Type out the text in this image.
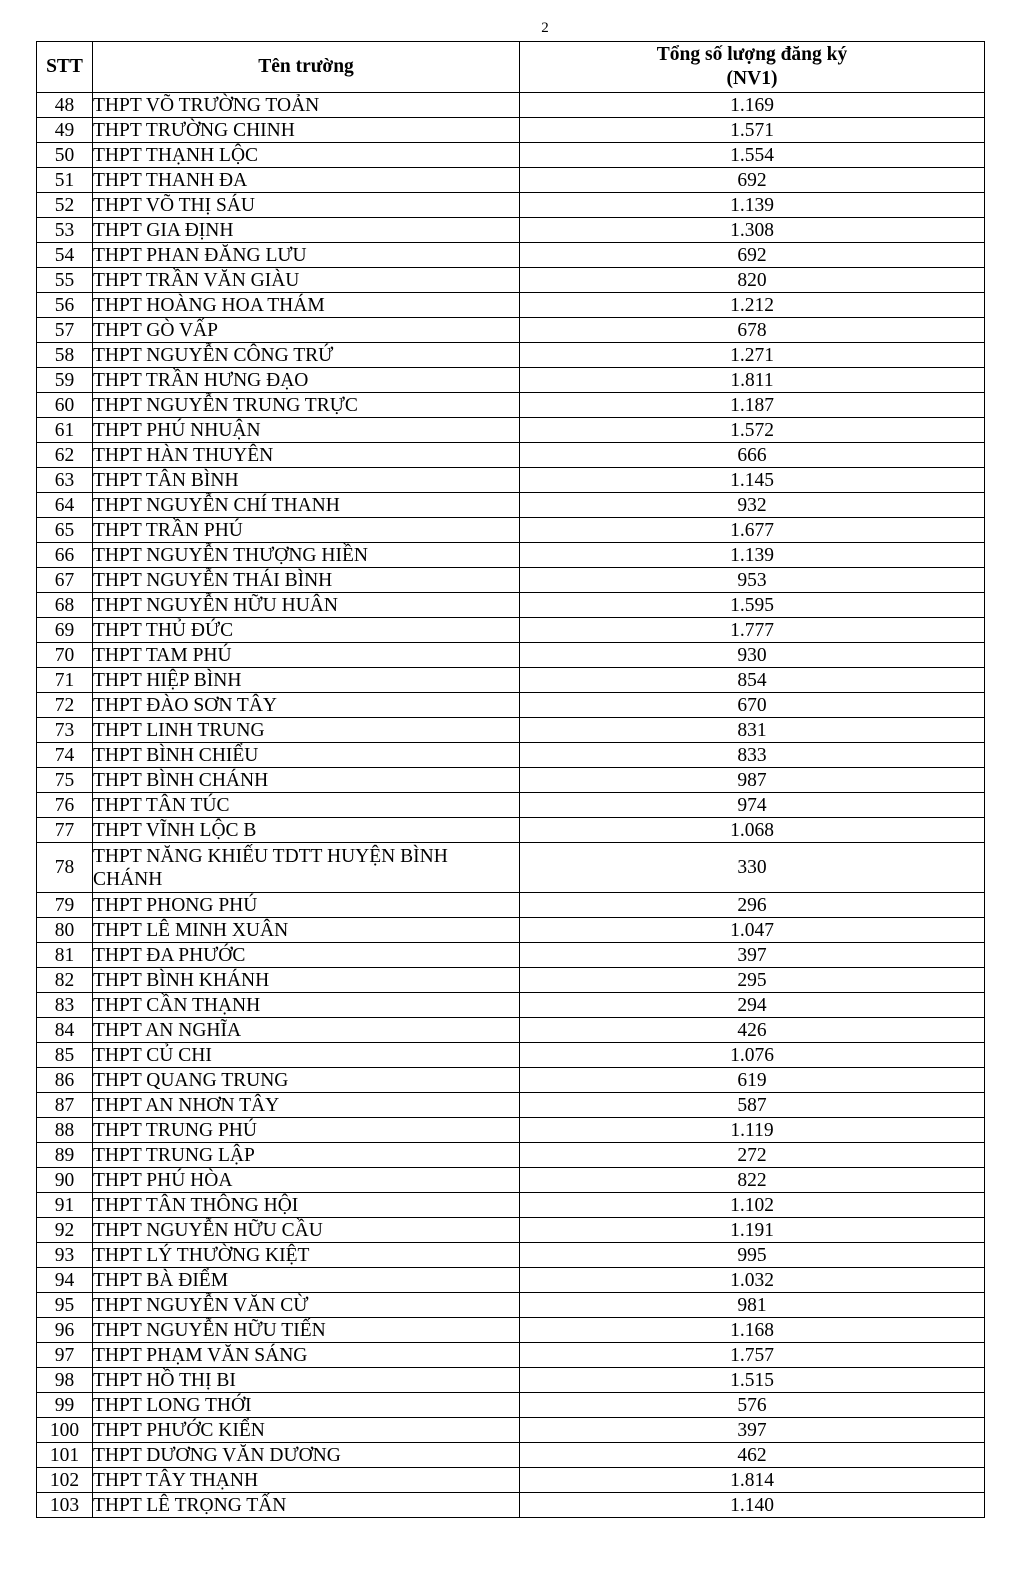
2
STT	Tên trường	Tổng số lượng đăng ký
(NV1)
48	THPT VÕ TRƯỜNG TOẢN	1.169
49	THPT TRƯỜNG CHINH	1.571
50	THPT THẠNH LỘC	1.554
51	THPT THANH ĐA	692
52	THPT VÕ THỊ SÁU	1.139
53	THPT GIA ĐỊNH	1.308
54	THPT PHAN ĐĂNG LƯU	692
55	THPT TRẦN VĂN GIÀU	820
56	THPT HOÀNG HOA THÁM	1.212
57	THPT GÒ VẤP	678
58	THPT NGUYỄN CÔNG TRỨ	1.271
59	THPT TRẦN HƯNG ĐẠO	1.811
60	THPT NGUYỄN TRUNG TRỰC	1.187
61	THPT PHÚ NHUẬN	1.572
62	THPT HÀN THUYÊN	666
63	THPT TÂN BÌNH	1.145
64	THPT NGUYỄN CHÍ THANH	932
65	THPT TRẦN PHÚ	1.677
66	THPT NGUYỄN THƯỢNG HIỀN	1.139
67	THPT NGUYỄN THÁI BÌNH	953
68	THPT NGUYỄN HỮU HUÂN	1.595
69	THPT THỦ ĐỨC	1.777
70	THPT TAM PHÚ	930
71	THPT HIỆP BÌNH	854
72	THPT ĐÀO SƠN TÂY	670
73	THPT LINH TRUNG	831
74	THPT BÌNH CHIỂU	833
75	THPT BÌNH CHÁNH	987
76	THPT TÂN TÚC	974
77	THPT VĨNH LỘC B	1.068
78	THPT NĂNG KHIẾU TDTT HUYỆN BÌNH CHÁNH	330
79	THPT PHONG PHÚ	296
80	THPT LÊ MINH XUÂN	1.047
81	THPT ĐA PHƯỚC	397
82	THPT BÌNH KHÁNH	295
83	THPT CẦN THẠNH	294
84	THPT AN NGHĨA	426
85	THPT CỦ CHI	1.076
86	THPT QUANG TRUNG	619
87	THPT AN NHƠN TÂY	587
88	THPT TRUNG PHÚ	1.119
89	THPT TRUNG LẬP	272
90	THPT PHÚ HÒA	822
91	THPT TÂN THÔNG HỘI	1.102
92	THPT NGUYỄN HỮU CẦU	1.191
93	THPT LÝ THƯỜNG KIỆT	995
94	THPT BÀ ĐIỂM	1.032
95	THPT NGUYỄN VĂN CỪ	981
96	THPT NGUYỄN HỮU TIẾN	1.168
97	THPT PHẠM VĂN SÁNG	1.757
98	THPT HỒ THỊ BI	1.515
99	THPT LONG THỚI	576
100	THPT PHƯỚC KIỂN	397
101	THPT DƯƠNG VĂN DƯƠNG	462
102	THPT TÂY THẠNH	1.814
103	THPT LÊ TRỌNG TẤN	1.140
